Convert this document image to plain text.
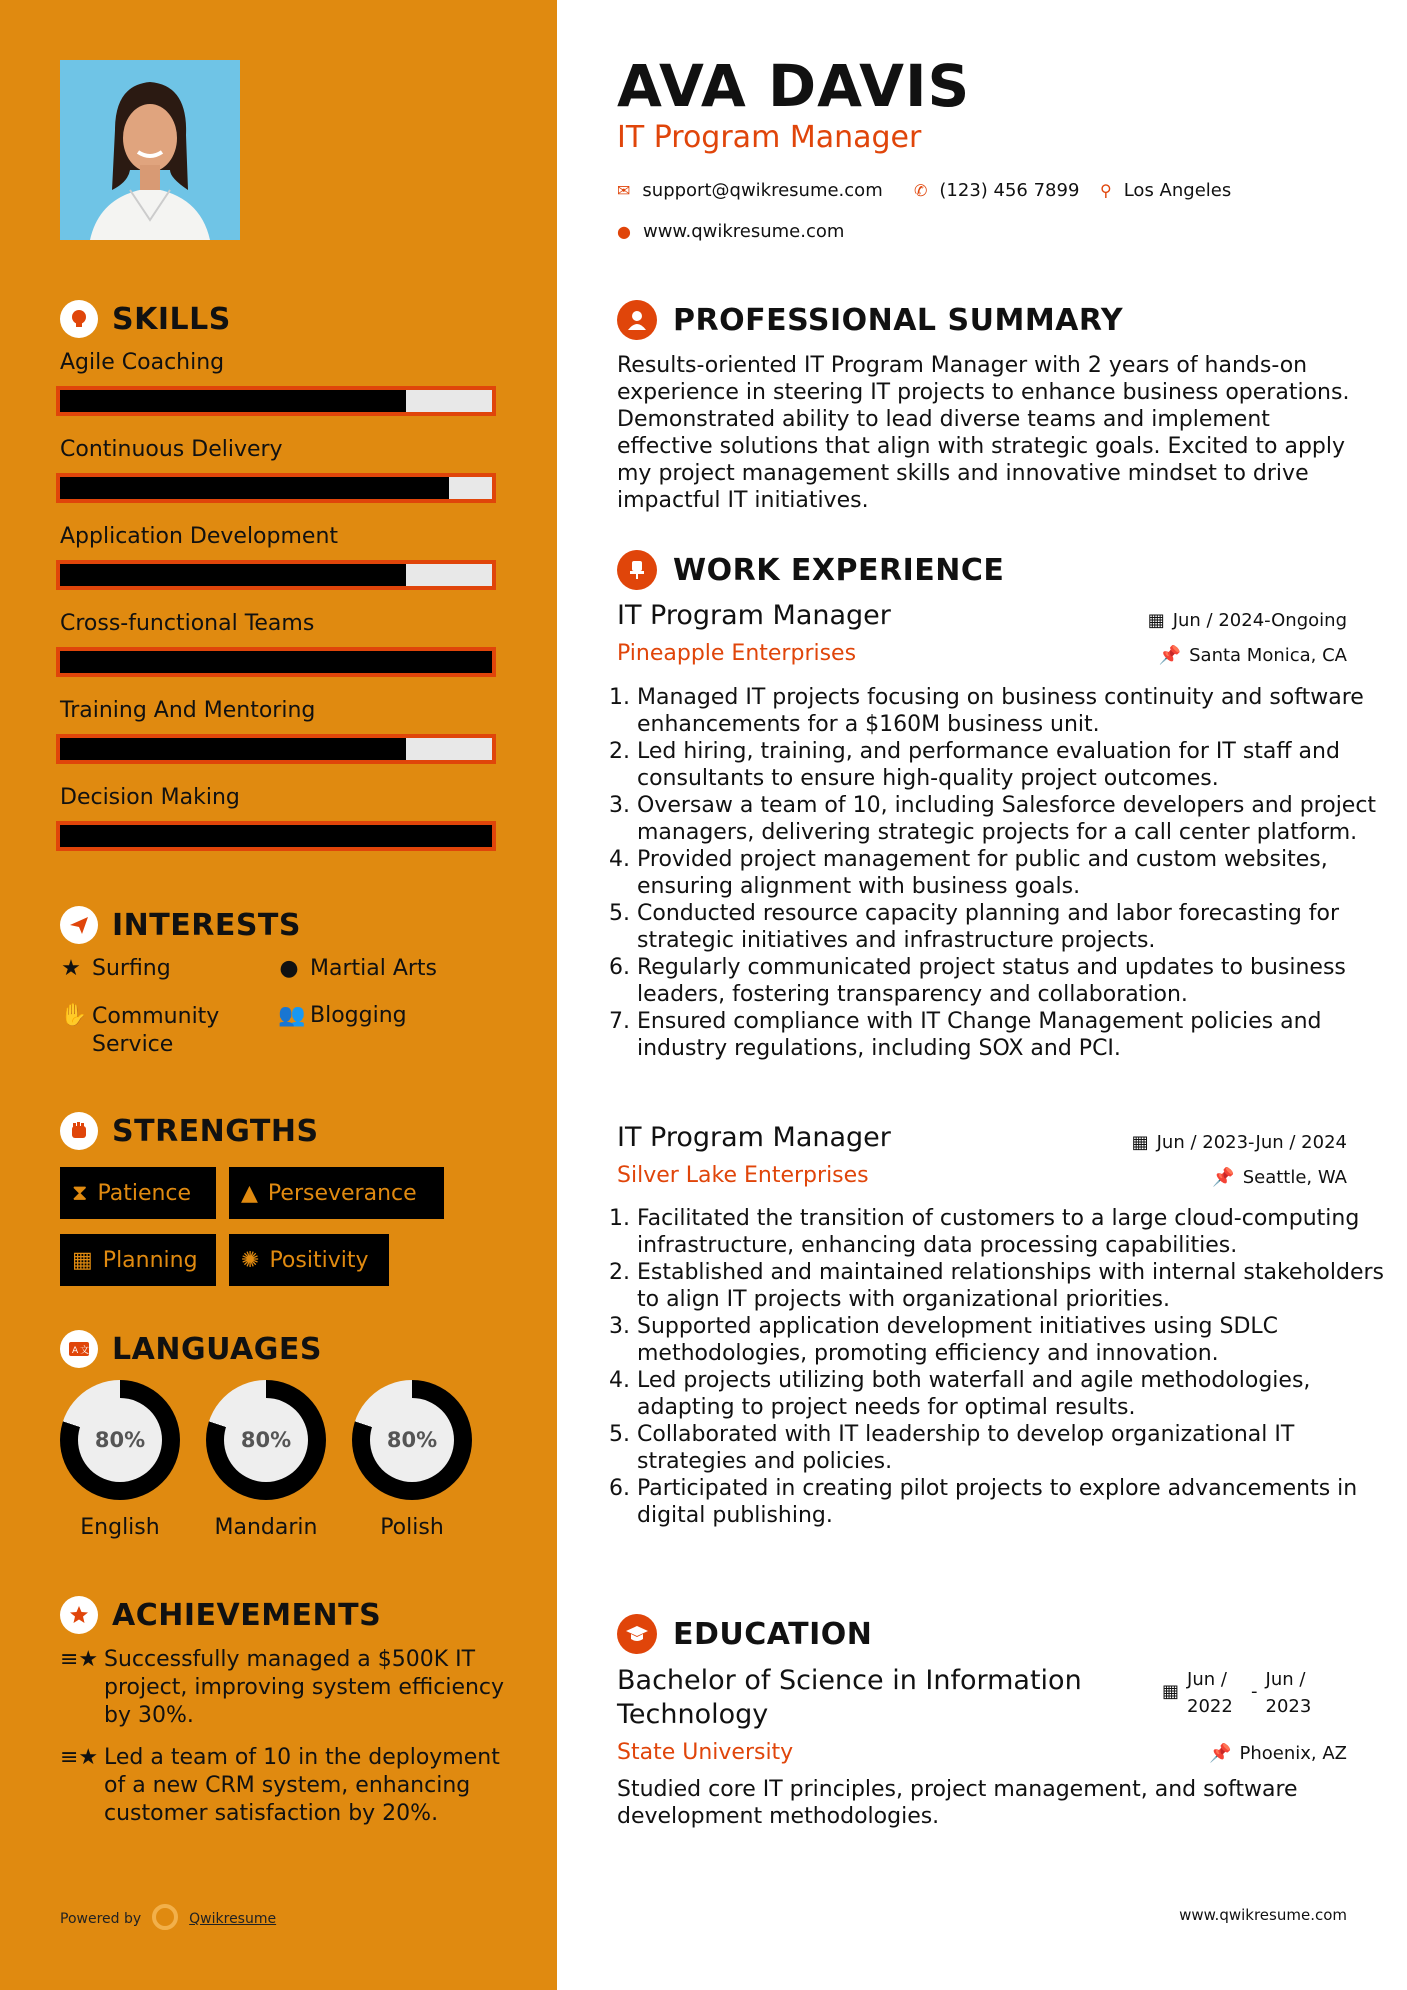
SKILLS
Agile Coaching
Continuous Delivery
Application Development
Cross-functional Teams
Training And Mentoring
Decision Making
INTERESTS
★ Surfing	● Martial Arts
✋ Community Service
👥 Blogging
STRENGTHS
⧗ Patience ▲ Perseverance
▦ Planning ✺ Positivity
A 文 LANGUAGES
80%
English
80%
Mandarin
80%
Polish
ACHIEVEMENTS
≡★ Successfully managed a $500K IT project, improving system efficiency by 30%.
≡★ Led a team of 10 in the deployment of a new CRM system, enhancing customer satisfaction by 20%.
Powered by	Qwikresume
AVA DAVIS
IT Program Manager
✉ support@qwikresume.com ✆ (123) 456 7899 ⚲ Los Angeles
● www.qwikresume.com
PROFESSIONAL SUMMARY
Results-oriented IT Program Manager with 2 years of hands-on experience in steering IT projects to enhance business operations. Demonstrated ability to lead diverse teams and implement effective solutions that align with strategic goals. Excited to apply my project management skills and innovative mindset to drive impactful IT initiatives.
WORK EXPERIENCE
IT Program Manager	▦ Jun / 2024-Ongoing
Pineapple Enterprises	📌 Santa Monica, CA
1. Managed IT projects focusing on business continuity and software enhancements for a $160M business unit.
2. Led hiring, training, and performance evaluation for IT staff and consultants to ensure high-quality project outcomes.
3. Oversaw a team of 10, including Salesforce developers and project managers, delivering strategic projects for a call center platform.
4. Provided project management for public and custom websites, ensuring alignment with business goals.
5. Conducted resource capacity planning and labor forecasting for strategic initiatives and infrastructure projects.
6. Regularly communicated project status and updates to business leaders, fostering transparency and collaboration.
7. Ensured compliance with IT Change Management policies and industry regulations, including SOX and PCI.
IT Program Manager	▦ Jun / 2023-Jun / 2024
Silver Lake Enterprises	📌 Seattle, WA
1. Facilitated the transition of customers to a large cloud-computing infrastructure, enhancing data processing capabilities.
2. Established and maintained relationships with internal stakeholders to align IT projects with organizational priorities.
3. Supported application development initiatives using SDLC methodologies, promoting efficiency and innovation.
4. Led projects utilizing both waterfall and agile methodologies, adapting to project needs for optimal results.
5. Collaborated with IT leadership to develop organizational IT strategies and policies.
6. Participated in creating pilot projects to explore advancements in digital publishing.
EDUCATION
Bachelor of Science in Information Technology
▦
Jun / 2022
-
Jun / 2023
State University	📌 Phoenix, AZ
Studied core IT principles, project management, and software development methodologies.
www.qwikresume.com
